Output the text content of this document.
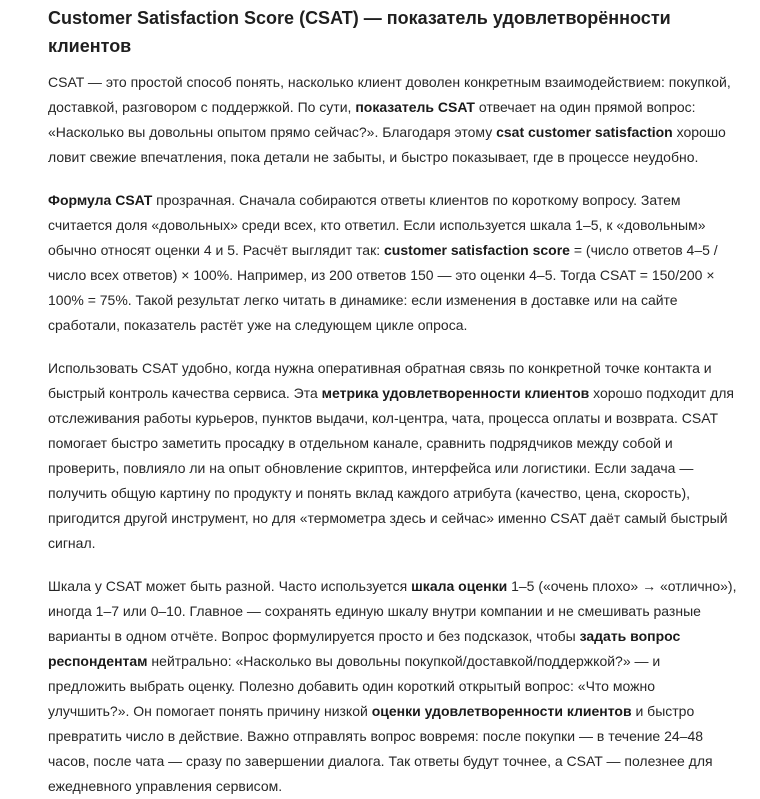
Customer Satisfaction Score (CSAT) — показатель удовлетворённости клиентов

CSAT — это простой способ понять, насколько клиент доволен конкретным взаимодействием: покупкой, доставкой, разговором с поддержкой. По сути, показатель CSAT отвечает на один прямой вопрос: «Насколько вы довольны опытом прямо сейчас?». Благодаря этому csat customer satisfaction хорошо ловит свежие впечатления, пока детали не забыты, и быстро показывает, где в процессе неудобно.

Формула CSAT прозрачная. Сначала собираются ответы клиентов по короткому вопросу. Затем считается доля «довольных» среди всех, кто ответил. Если используется шкала 1–5, к «довольным» обычно относят оценки 4 и 5. Расчёт выглядит так: customer satisfaction score = (число ответов 4–5 / число всех ответов) × 100%. Например, из 200 ответов 150 — это оценки 4–5. Тогда CSAT = 150/200 × 100% = 75%. Такой результат легко читать в динамике: если изменения в доставке или на сайте сработали, показатель растёт уже на следующем цикле опроса.

Использовать CSAT удобно, когда нужна оперативная обратная связь по конкретной точке контакта и быстрый контроль качества сервиса. Эта метрика удовлетворенности клиентов хорошо подходит для отслеживания работы курьеров, пунктов выдачи, кол-центра, чата, процесса оплаты и возврата. CSAT помогает быстро заметить просадку в отдельном канале, сравнить подрядчиков между собой и проверить, повлияло ли на опыт обновление скриптов, интерфейса или логистики. Если задача — получить общую картину по продукту и понять вклад каждого атрибута (качество, цена, скорость), пригодится другой инструмент, но для «термометра здесь и сейчас» именно CSAT даёт самый быстрый сигнал.

Шкала у CSAT может быть разной. Часто используется шкала оценки 1–5 («очень плохо» → «отлично»), иногда 1–7 или 0–10. Главное — сохранять единую шкалу внутри компании и не смешивать разные варианты в одном отчёте. Вопрос формулируется просто и без подсказок, чтобы задать вопрос респондентам нейтрально: «Насколько вы довольны покупкой/доставкой/поддержкой?» — и предложить выбрать оценку. Полезно добавить один короткий открытый вопрос: «Что можно улучшить?». Он помогает понять причину низкой оценки удовлетворенности клиентов и быстро превратить число в действие. Важно отправлять вопрос вовремя: после покупки — в течение 24–48 часов, после чата — сразу по завершении диалога. Так ответы будут точнее, а CSAT — полезнее для ежедневного управления сервисом.
